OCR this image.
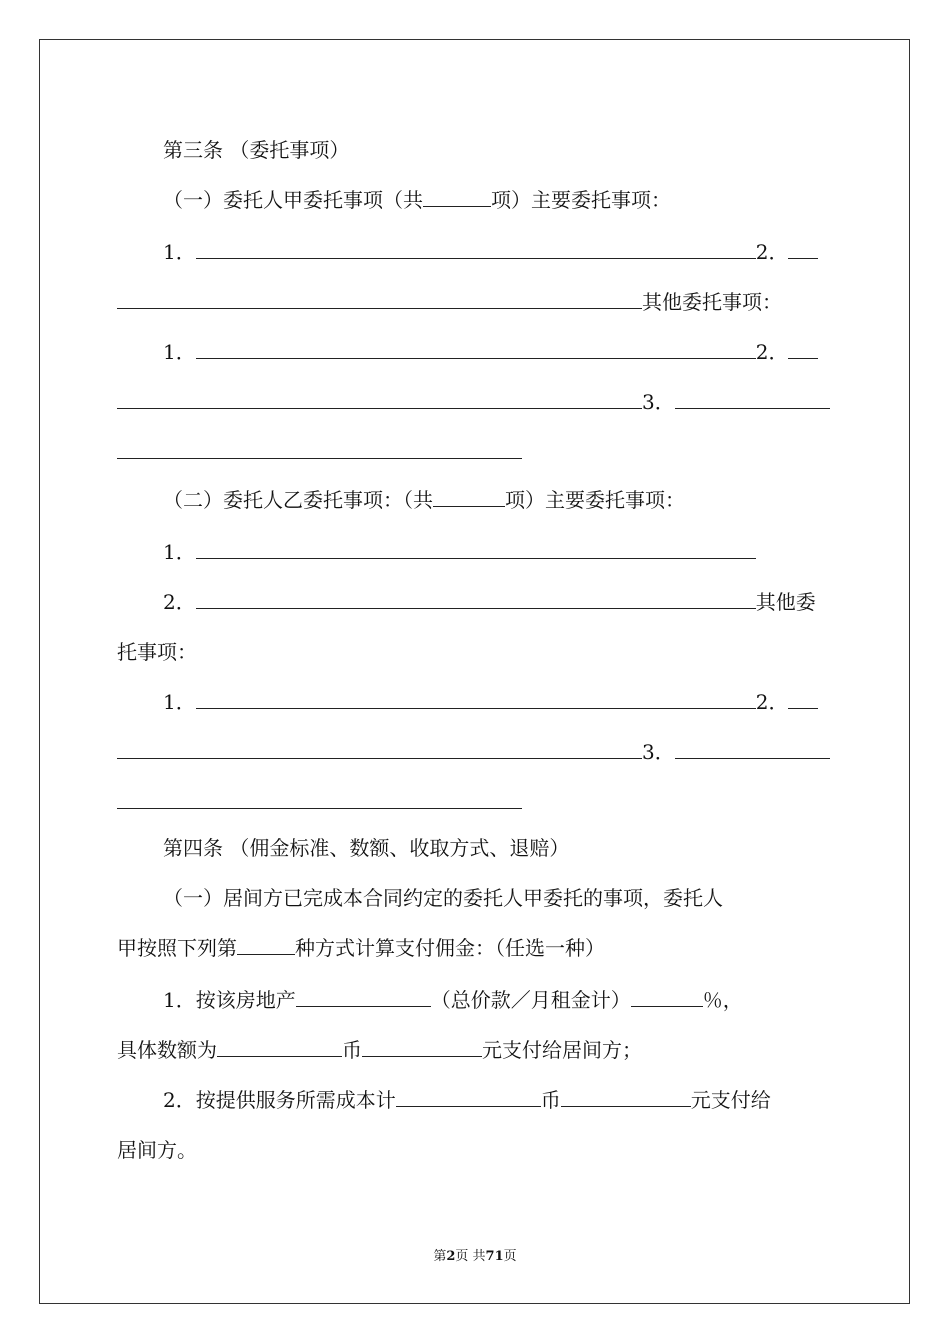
第三条 （委托事项）
（一）委托人甲委托事项（共	项）主要委托事项：
1．	2．
其他委托事项：
1．	2．
3．
（二）委托人乙委托事项：（共	项）主要委托事项：
1．
2．	其他委
托事项：
1．	2．
3．
第四条 （佣金标准、数额、收取方式、退赔）
（一）居间方已完成本合同约定的委托人甲委托的事项，委托人
甲按照下列第	种方式计算支付佣金：（任选一种）
1．按该房地产	（总价款／月租金计）	％，
具体数额为	币	元支付给居间方；
2．按提供服务所需成本计	币	元支付给
居间方。
第2页 共71页
